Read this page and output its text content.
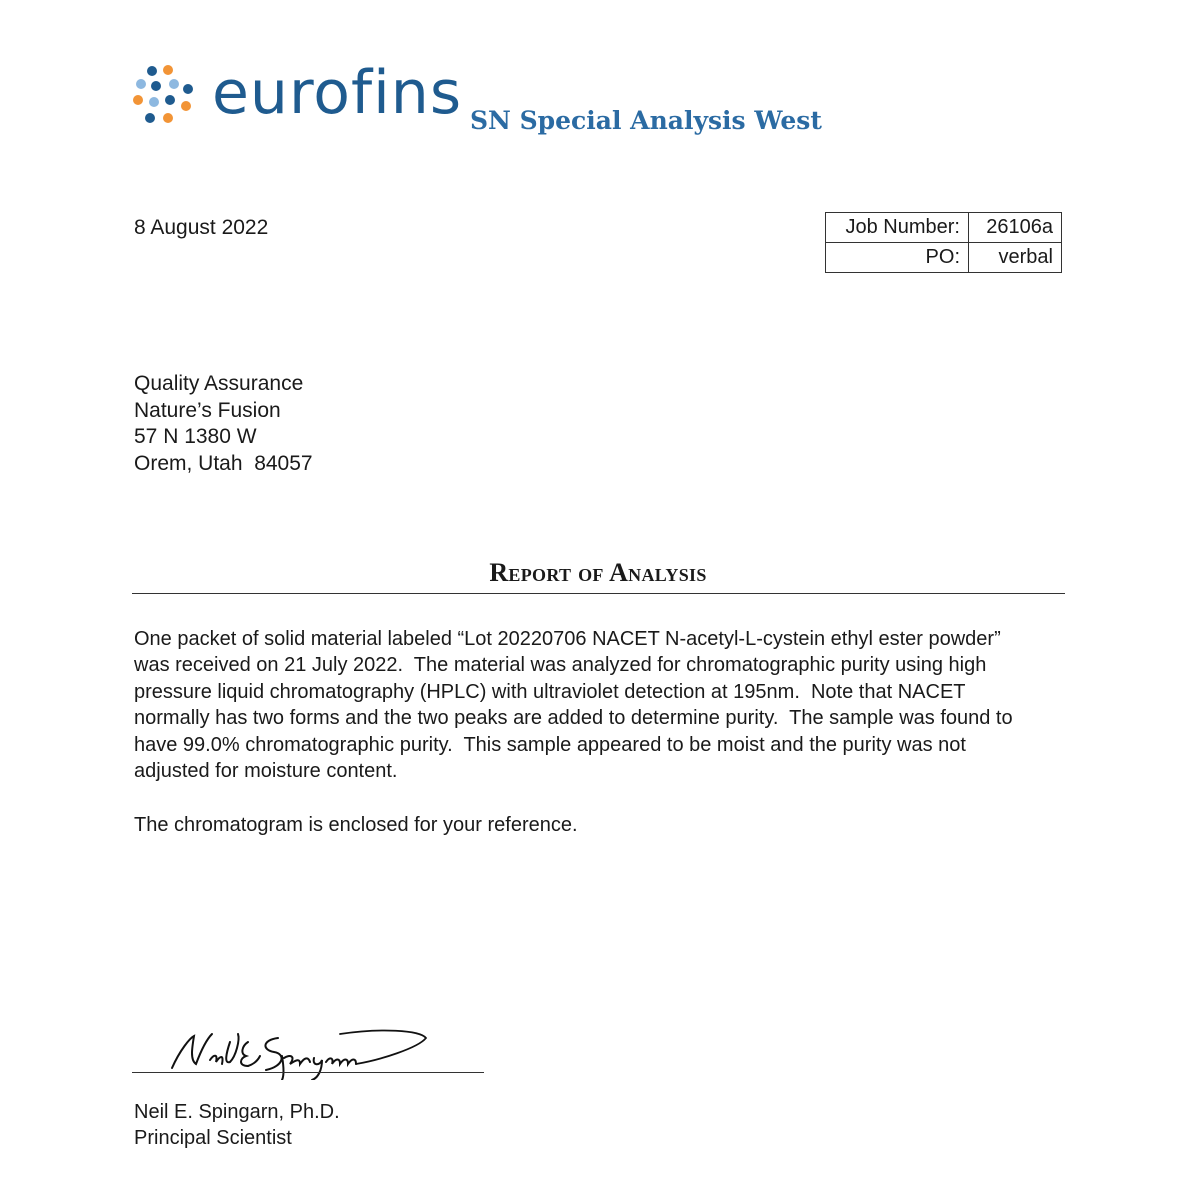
eurofins SN Special Analysis West
8 August 2022	Job Number:	26106a
PO:	verbal
Quality Assurance
Nature’s Fusion
57 N 1380 W
Orem, Utah  84057
Report of Analysis
One packet of solid material labeled “Lot 20220706 NACET N-acetyl-L-cystein ethyl ester powder”
was received on 21 July 2022.  The material was analyzed for chromatographic purity using high
pressure liquid chromatography (HPLC) with ultraviolet detection at 195nm.  Note that NACET
normally has two forms and the two peaks are added to determine purity.  The sample was found to
have 99.0% chromatographic purity.  This sample appeared to be moist and the purity was not
adjusted for moisture content.
The chromatogram is enclosed for your reference.
Neil E. Spingarn, Ph.D.
Principal Scientist
